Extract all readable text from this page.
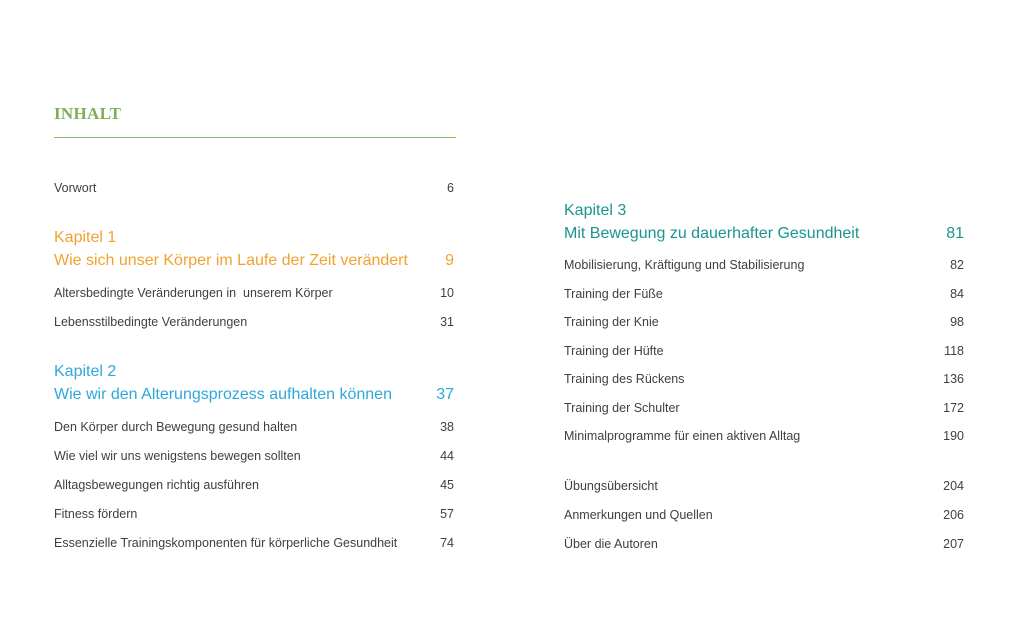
INHALT
Vorwort	6
Kapitel 1
Wie sich unser Körper im Laufe der Zeit verändert 9
Altersbedingte Veränderungen in  unserem Körper	10
Lebensstilbedingte Veränderungen	31
Kapitel 2
Wie wir den Alterungsprozess aufhalten können	37
Den Körper durch Bewegung gesund halten	38
Wie viel wir uns wenigstens bewegen sollten	44
Alltagsbewegungen richtig ausführen	45
Fitness fördern	57
Essenzielle Trainingskomponenten für körperliche Gesundheit	74
Kapitel 3
Mit Bewegung zu dauerhafter Gesundheit	81
Mobilisierung, Kräftigung und Stabilisierung	82
Training der Füße	84
Training der Knie	98
Training der Hüfte	118
Training des Rückens	136
Training der Schulter	172
Minimalprogramme für einen aktiven Alltag	190
Übungsübersicht	204
Anmerkungen und Quellen	206
Über die Autoren	207
